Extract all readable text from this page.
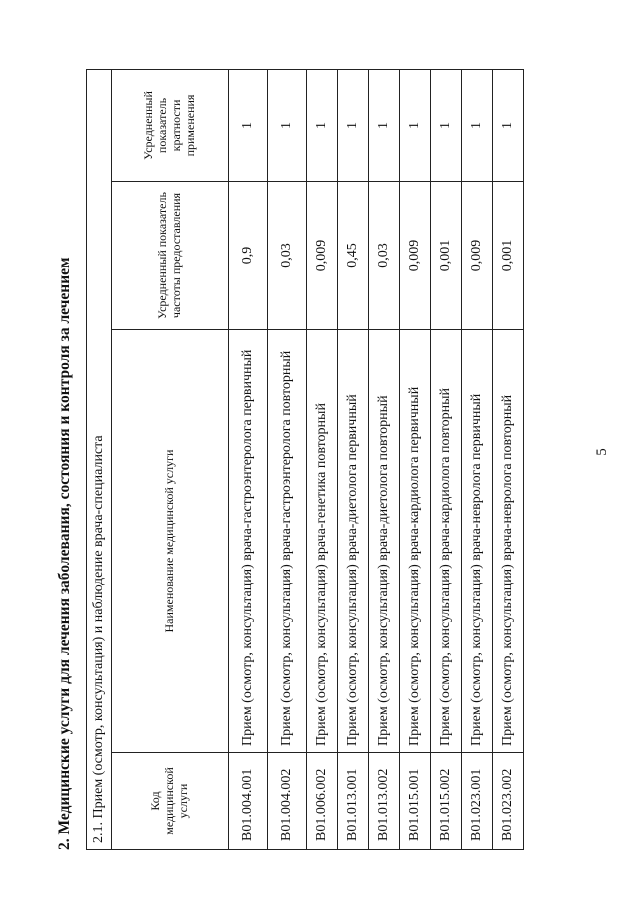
5
2. Медицинские услуги для лечения заболевания, состояния и контроля за лечением 2.1. Прием (осмотр, консультация) и наблюдение врача-специалиста			
Код медицинской услуги	Наименование медицинской услуги	Усредненный показатель частоты предоставления	Усредненный показатель кратности применения
B01.004.001	Прием (осмотр, консультация) врача-гастроэнтеролога первичный	0,9	1
B01.004.002	Прием (осмотр, консультация) врача-гастроэнтеролога повторный	0,03	1
B01.006.002	Прием (осмотр, консультация) врача-генетика повторный	0,009	1
B01.013.001	Прием (осмотр, консультация) врача-диетолога первичный	0,45	1
B01.013.002	Прием (осмотр, консультация) врача-диетолога повторный	0,03	1
B01.015.001	Прием (осмотр, консультация) врача-кардиолога первичный	0,009	1
B01.015.002	Прием (осмотр, консультация) врача-кардиолога повторный	0,001	1
B01.023.001	Прием (осмотр, консультация) врача-невролога первичный	0,009	1
B01.023.002	Прием (осмотр, консультация) врача-невролога повторный	0,001	1
